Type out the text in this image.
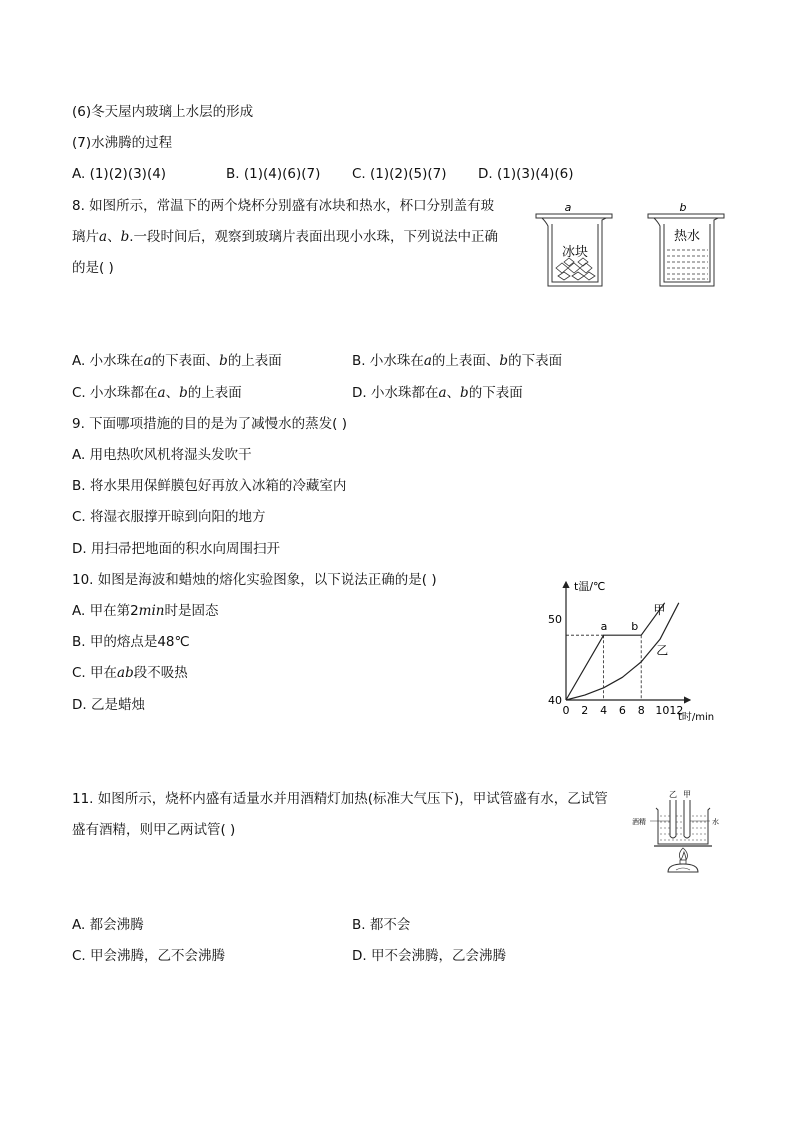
(6)冬天屋内玻璃上水层的形成
(7)水沸腾的过程
A. (1)(2)(3)(4)	B. (1)(4)(6)(7) C. (1)(2)(5)(7) D. (1)(3)(4)(6)
8. 如图所示，常温下的两个烧杯分别盛有冰块和热水，杯口分别盖有玻
璃片a、b.一段时间后，观察到玻璃片表面出现小水珠，下列说法中正确
的是( )
a	b
冰块
热水
A. 小水珠在a的下表面、b的上表面	B. 小水珠在a的上表面、b的下表面
C. 小水珠都在a、b的上表面	D. 小水珠都在a、b的下表面
9. 下面哪项措施的目的是为了减慢水的蒸发( )
A. 用电热吹风机将湿头发吹干
B. 将水果用保鲜膜包好再放入冰箱的冷藏室内
C. 将湿衣服撑开晾到向阳的地方
D. 用扫帚把地面的积水向周围扫开
10. 如图是海波和蜡烛的熔化实验图象，以下说法正确的是( )
A. 甲在第2min时是固态
B. 甲的熔点是48℃
C. 甲在ab段不吸热
D. 乙是蜡烛
t温/℃
t时/min
0 2 4 6 8 1012
40
50
a b
甲
乙
11. 如图所示，烧杯内盛有适量水并用酒精灯加热(标准大气压下)，甲试管盛有水，乙试管
盛有酒精，则甲乙两试管( )
乙 甲
酒精	水
A. 都会沸腾	B. 都不会
C. 甲会沸腾，乙不会沸腾	D. 甲不会沸腾，乙会沸腾
